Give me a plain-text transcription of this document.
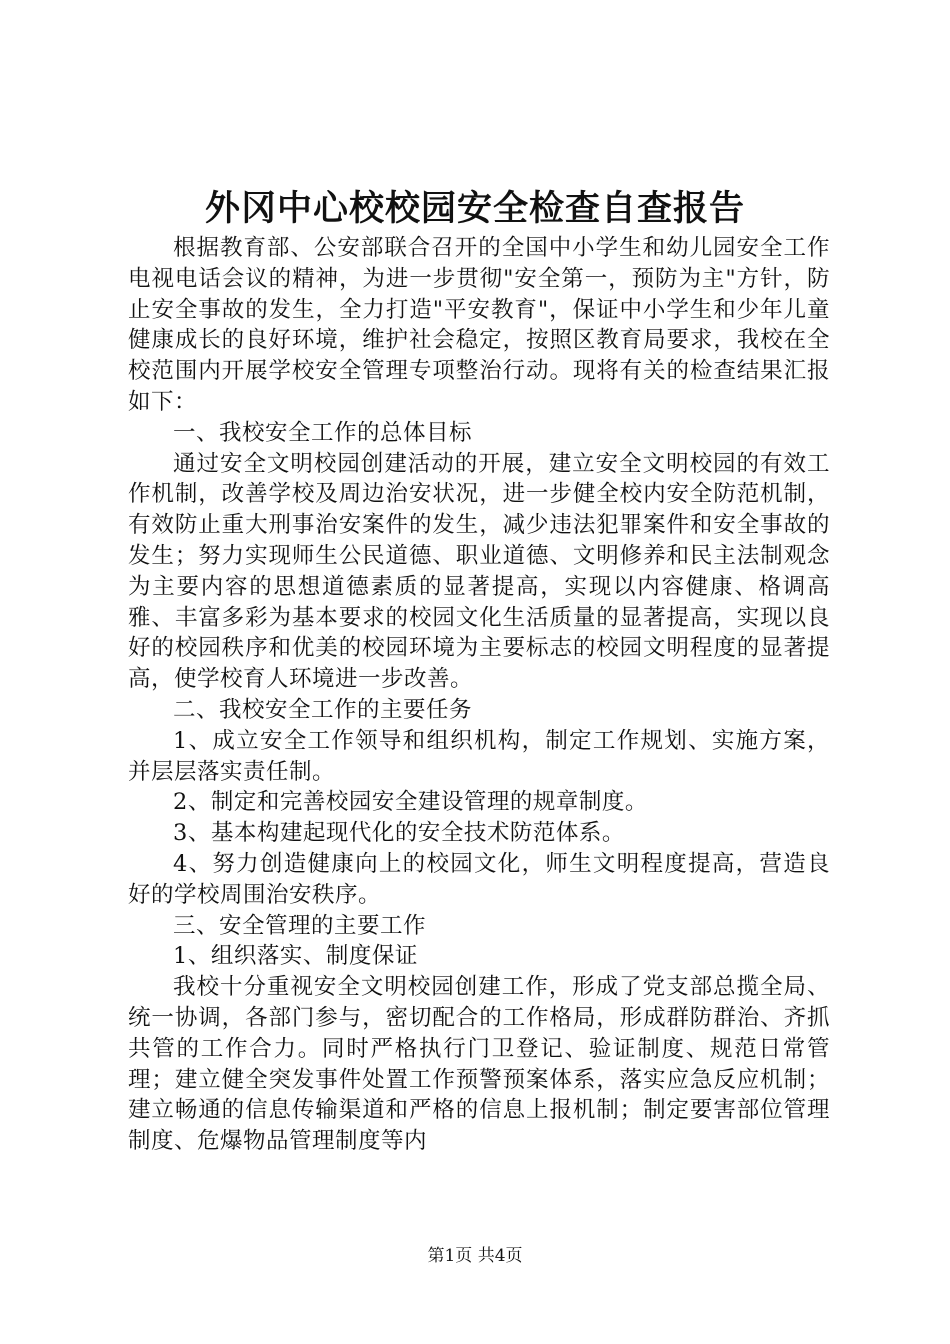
外冈中心校校园安全检查自查报告

根据教育部、公安部联合召开的全国中小学生和幼儿园安全工作电视电话会议的精神，为进一步贯彻"安全第一，预防为主"方针，防止安全事故的发生，全力打造"平安教育"，保证中小学生和少年儿童健康成长的良好环境，维护社会稳定，按照区教育局要求，我校在全校范围内开展学校安全管理专项整治行动。现将有关的检查结果汇报如下：

一、我校安全工作的总体目标

通过安全文明校园创建活动的开展，建立安全文明校园的有效工作机制，改善学校及周边治安状况，进一步健全校内安全防范机制，有效防止重大刑事治安案件的发生，减少违法犯罪案件和安全事故的发生；努力实现师生公民道德、职业道德、文明修养和民主法制观念为主要内容的思想道德素质的显著提高，实现以内容健康、格调高雅、丰富多彩为基本要求的校园文化生活质量的显著提高，实现以良好的校园秩序和优美的校园环境为主要标志的校园文明程度的显著提高，使学校育人环境进一步改善。

二、我校安全工作的主要任务

1、成立安全工作领导和组织机构，制定工作规划、实施方案，并层层落实责任制。

2、制定和完善校园安全建设管理的规章制度。

3、基本构建起现代化的安全技术防范体系。

4、努力创造健康向上的校园文化，师生文明程度提高，营造良好的学校周围治安秩序。

三、安全管理的主要工作

1、组织落实、制度保证

我校十分重视安全文明校园创建工作，形成了党支部总揽全局、统一协调，各部门参与，密切配合的工作格局，形成群防群治、齐抓共管的工作合力。同时严格执行门卫登记、验证制度、规范日常管理；建立健全突发事件处置工作预警预案体系，落实应急反应机制；建立畅通的信息传输渠道和严格的信息上报机制；制定要害部位管理制度、危爆物品管理制度等内

第1页 共4页
